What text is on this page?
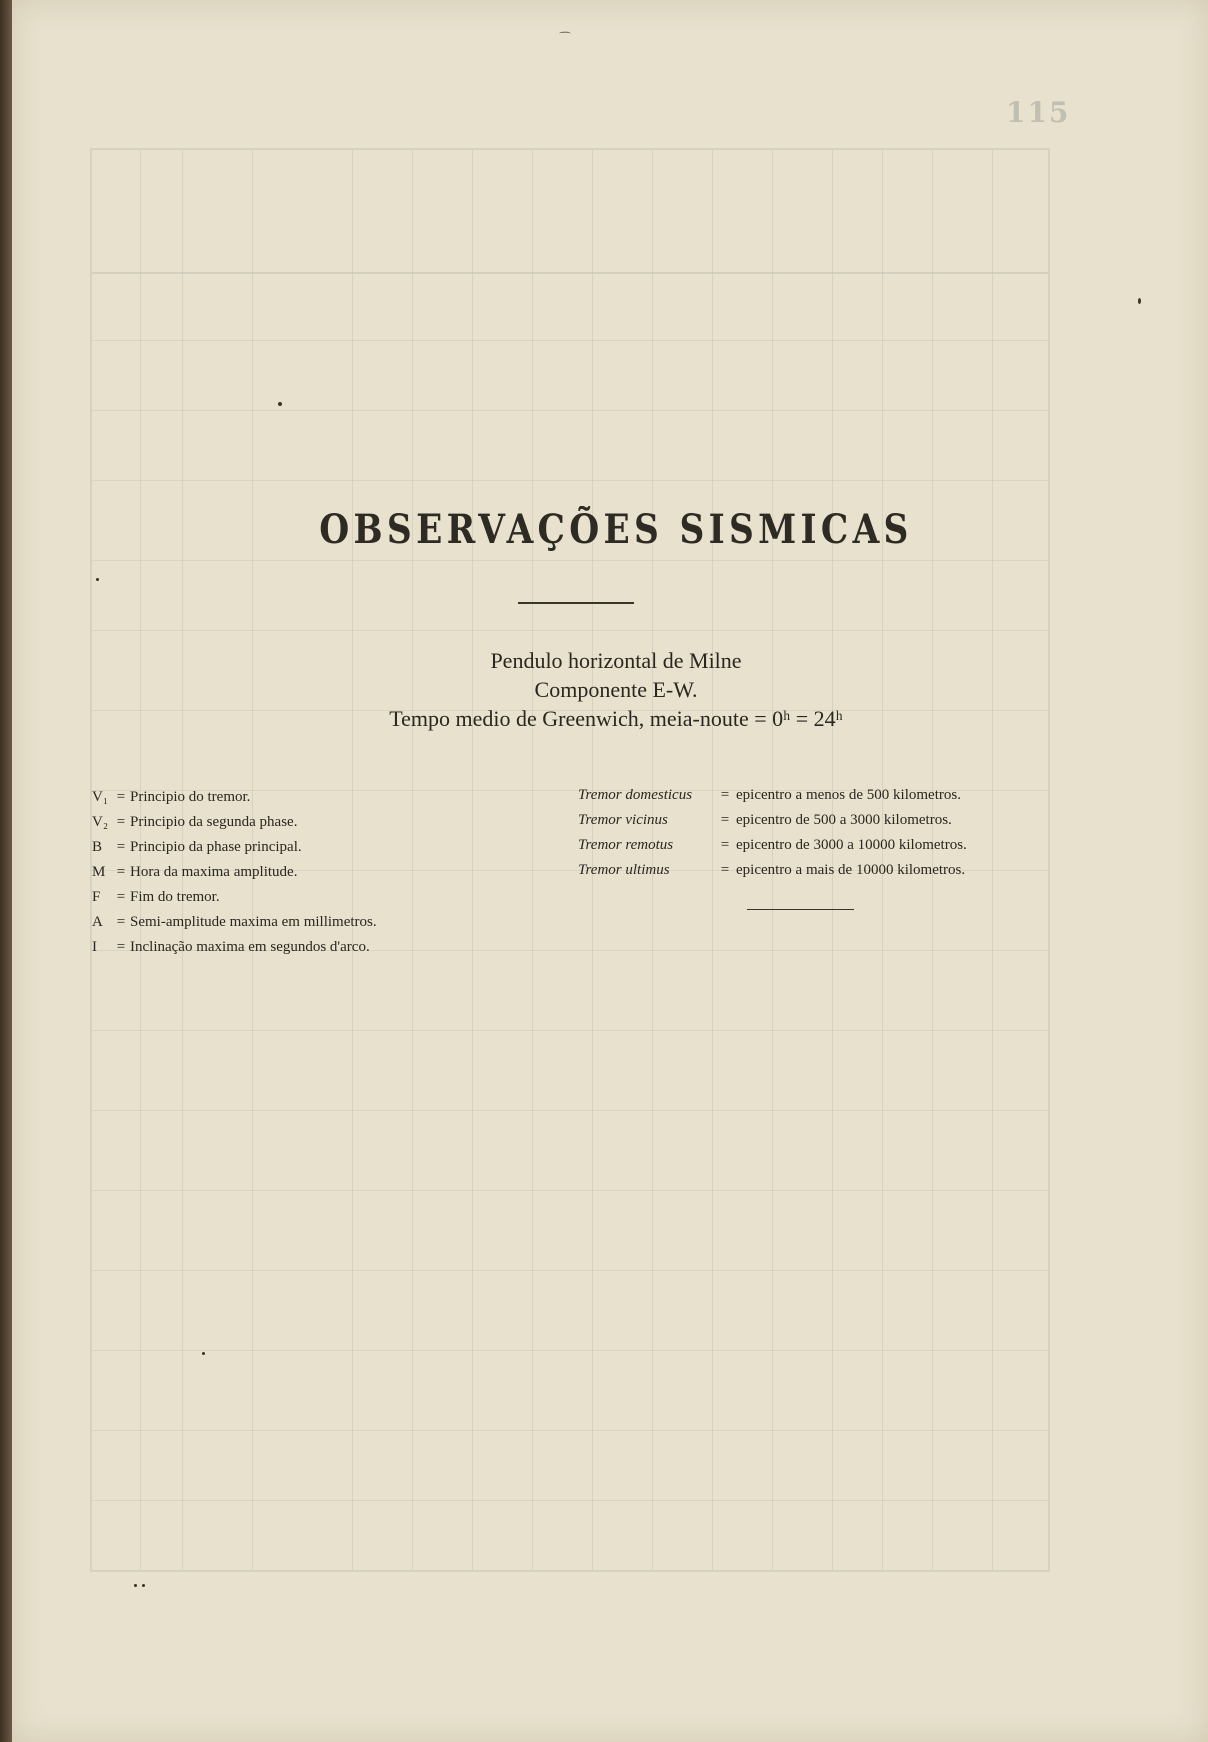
115
OBSERVAÇÕES SISMICAS
Pendulo horizontal de Milne
Componente E-W.
Tempo medio de Greenwich, meia-noute = 0ʰ = 24ʰ
V₁ = Principio do tremor.
V₂ = Principio da segunda phase.
B = Principio da phase principal.
M = Hora da maxima amplitude.
F = Fim do tremor.
A = Semi-amplitude maxima em millimetros.
I = Inclinação maxima em segundos d'arco.
Tremor domesticus = epicentro a menos de 500 kilometros.
Tremor vicinus	= epicentro de 500 a 3000 kilometros.
Tremor remotus	= epicentro de 3000 a 10000 kilometros.
Tremor ultimus	= epicentro a mais de 10000 kilometros.
